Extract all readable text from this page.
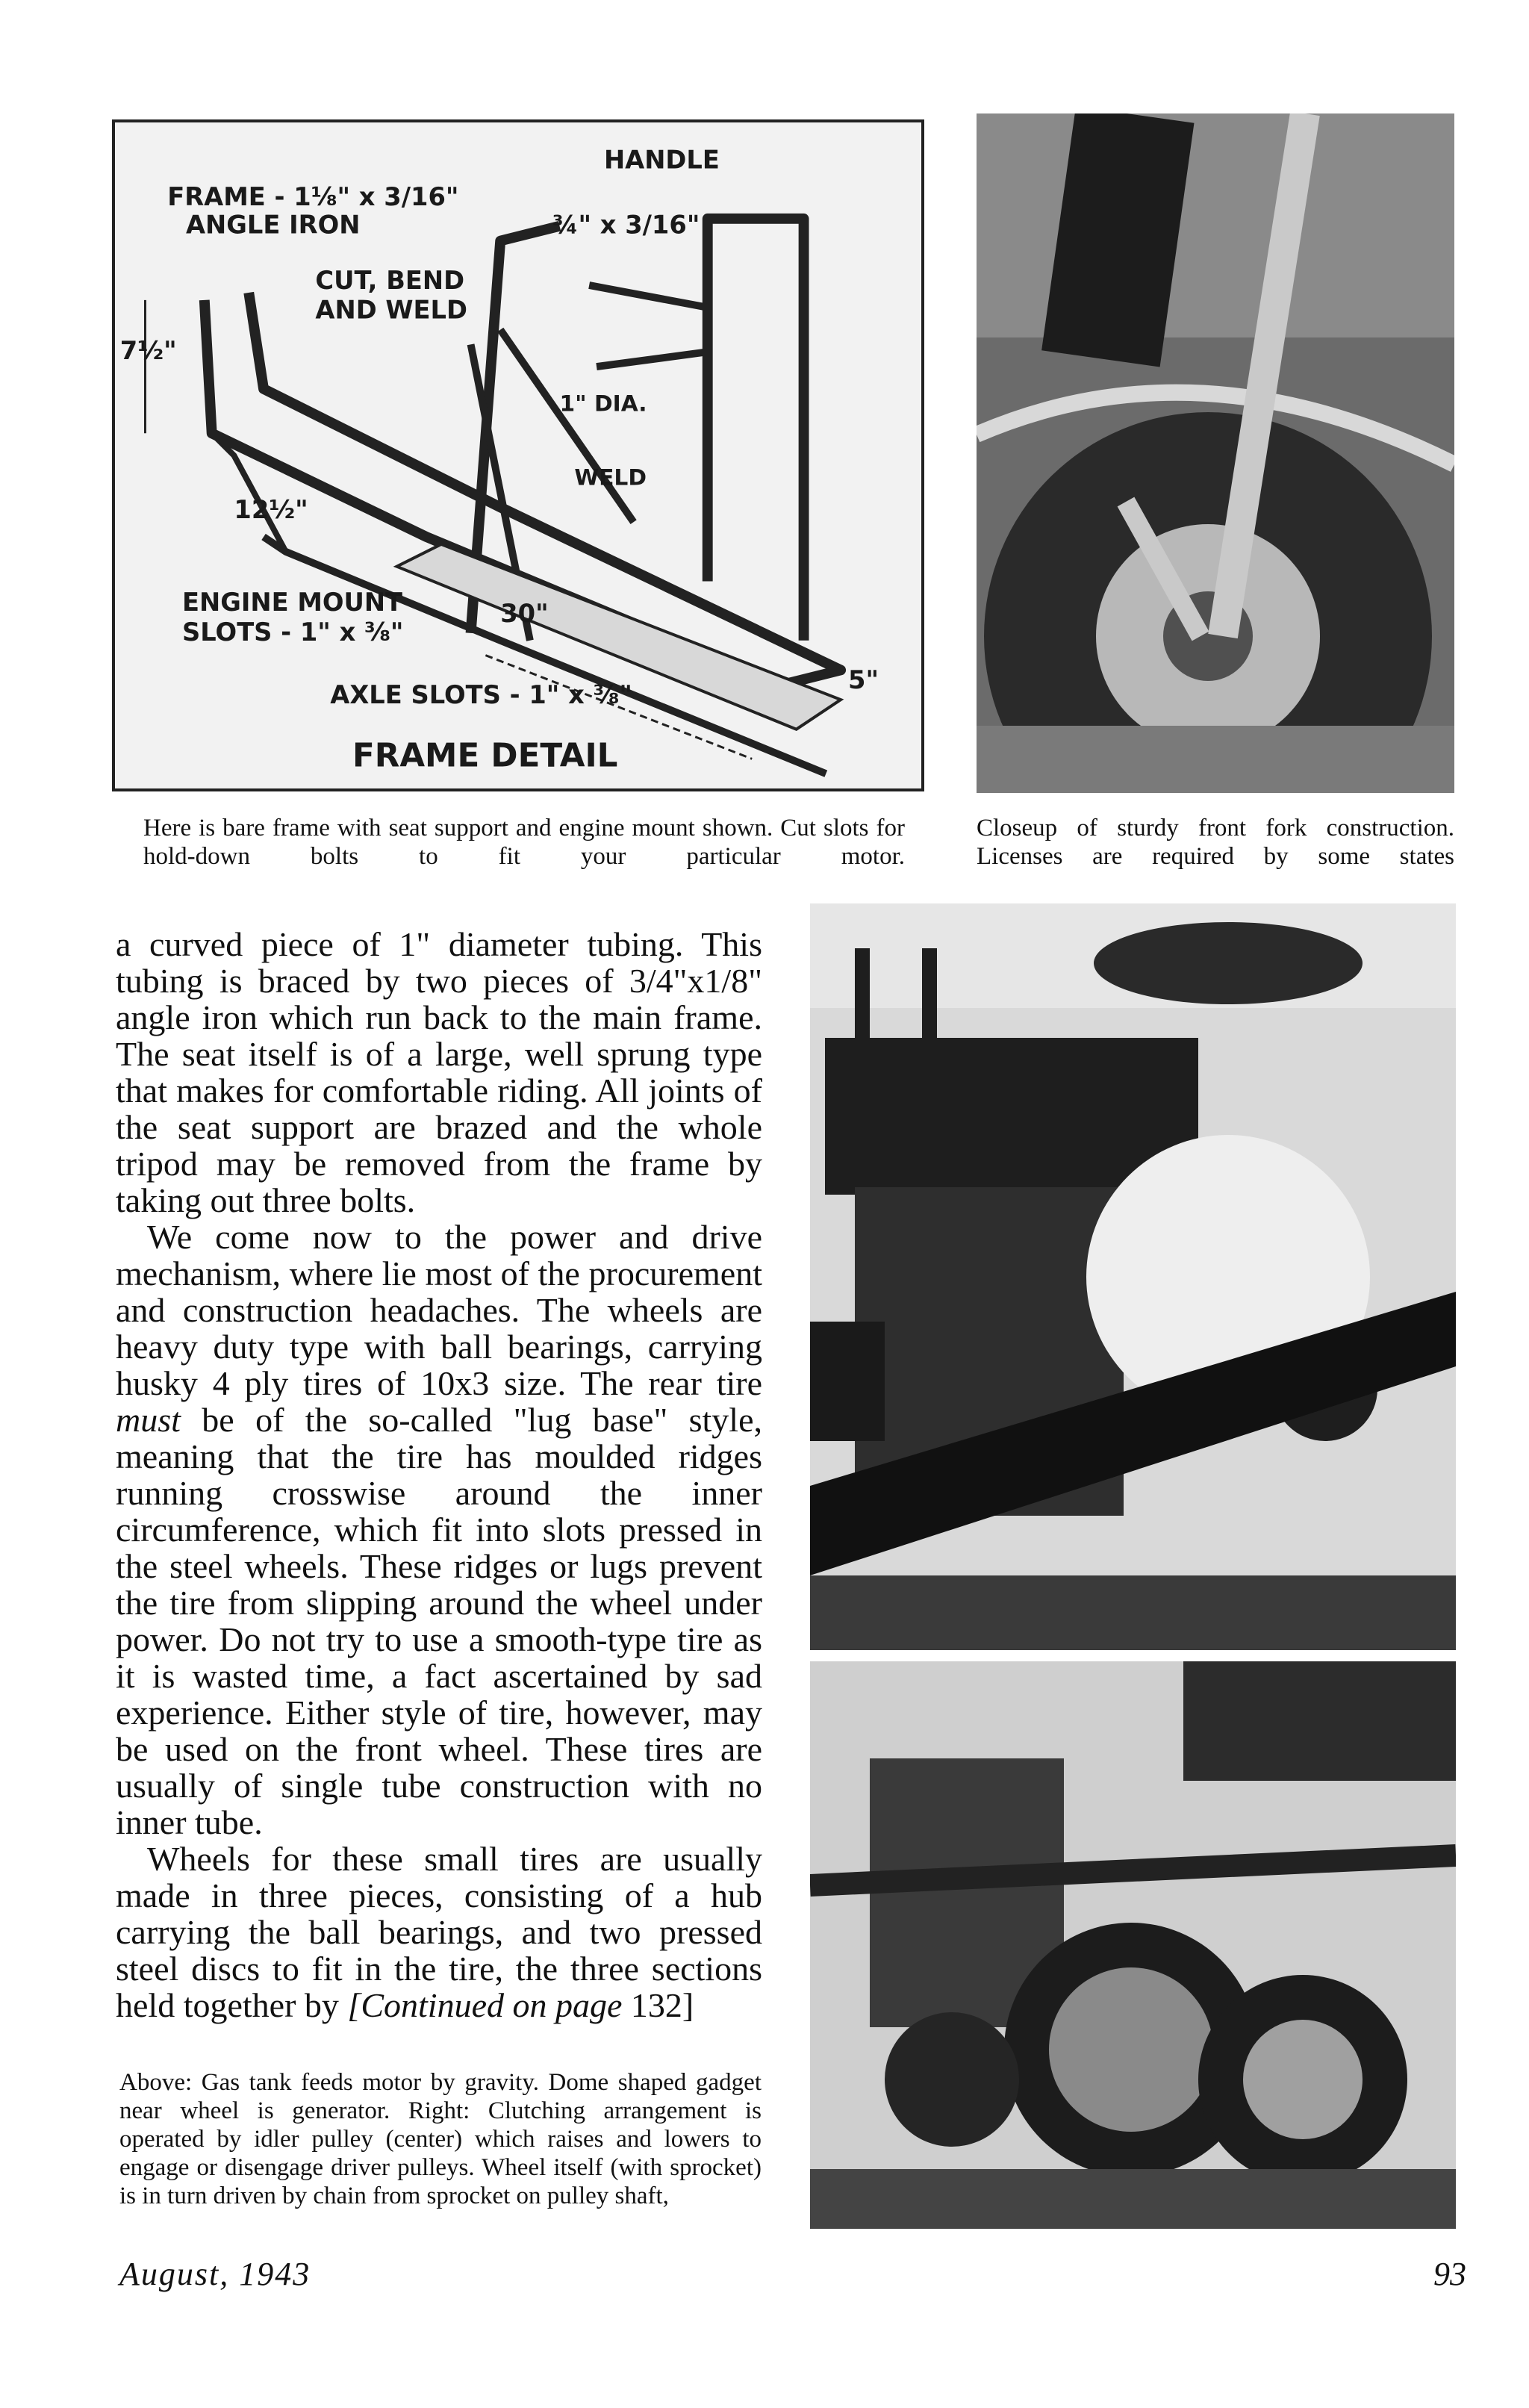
FRAME - 1⅛" x 3/16"
ANGLE IRON
HANDLE
¾" x 3/16"
CUT, BEND
AND WELD
7½"
1" DIA.
WELD
12½"
ENGINE MOUNT
SLOTS - 1" x ⅜"
30"
AXLE SLOTS - 1" x ⅜"
5"
FRAME DETAIL
Here is bare frame with seat support and engine mount shown. Cut slots for hold-down bolts to fit your particular motor.
Closeup of sturdy front fork construction.
Licenses are required by some states

a curved piece of 1" diameter tubing. This tubing is braced by two pieces of 3/4"x1/8" angle iron which run back to the main frame. The seat itself is of a large, well sprung type that makes for comfortable riding. All joints of the seat support are brazed and the whole tripod may be removed from the frame by taking out three bolts.

We come now to the power and drive mechanism, where lie most of the procurement and construction headaches. The wheels are heavy duty type with ball bearings, carrying husky 4 ply tires of 10x3 size. The rear tire must be of the so-called "lug base" style, meaning that the tire has moulded ridges running crosswise around the inner circumference, which fit into slots pressed in the steel wheels. These ridges or lugs prevent the tire from slipping around the wheel under power. Do not try to use a smooth-type tire as it is wasted time, a fact ascertained by sad experience. Either style of tire, however, may be used on the front wheel. These tires are usually of single tube construction with no inner tube.

Wheels for these small tires are usually made in three pieces, consisting of a hub carrying the ball bearings, and two pressed steel discs to fit in the tire, the three sections held together by [Continued on page 132]

Above: Gas tank feeds motor by gravity. Dome shaped gadget near wheel is generator. Right: Clutching arrangement is operated by idler pulley (center) which raises and lowers to engage or disengage driver pulleys. Wheel itself (with sprocket) is in turn driven by chain from sprocket on pulley shaft,
August, 1943	93
